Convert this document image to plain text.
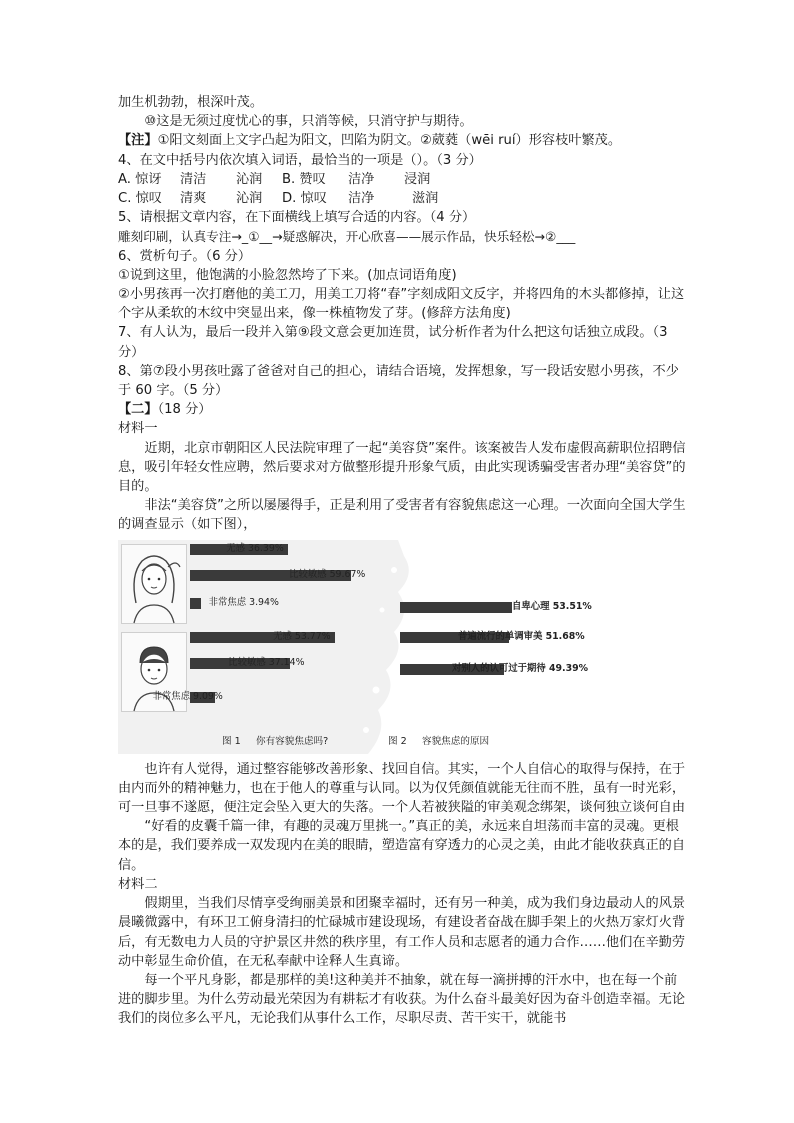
加生机勃勃，根深叶茂。

⑩这是无须过度忧心的事，只消等候，只消守护与期待。

【注】①阳文刻面上文字凸起为阳文，凹陷为阴文。②葳蕤（wēi ruí）形容枝叶繁茂。

4、在文中括号内依次填入词语，最恰当的一项是（）。（3 分）

A. 惊讶	清洁	沁润	B. 赞叹	洁净	浸润
C. 惊叹	清爽	沁润	D. 惊叹	洁净	滋润

5、请根据文章内容，在下面横线上填写合适的内容。（4 分）

雕刻印刷，认真专注→_①__→疑惑解决，开心欣喜——展示作品，快乐轻松→②___

6、赏析句子。（6 分）

①说到这里，他饱满的小脸忽然垮了下来。(加点词语角度)

②小男孩再一次打磨他的美工刀，用美工刀将“春”字刻成阳文反字，并将四角的木头都修掉，让这个字从柔软的木纹中突显出来，像一株植物发了芽。(修辞方法角度)

7、有人认为，最后一段并入第⑨段文意会更加连贯，试分析作者为什么把这句话独立成段。（3 分）

8、第⑦段小男孩吐露了爸爸对自己的担心，请结合语境，发挥想象，写一段话安慰小男孩，不少于 60 字。（5 分）

【二】（18 分）

材料一

近期，北京市朝阳区人民法院审理了一起“美容贷”案件。该案被告人发布虚假高薪职位招聘信息，吸引年轻女性应聘，然后要求对方做整形提升形象气质，由此实现诱骗受害者办理“美容贷”的目的。

非法“美容贷”之所以屡屡得手，正是利用了受害者有容貌焦虑这一心理。一次面向全国大学生的调查显示（如下图），

无感 36.39%
比较敏感 59.67%
非常焦虑 3.94%
无感 53.77%
比较敏感 37.14%
非常焦虑 9.09%
自卑心理 53.51%
普遍流行的单调审美 51.68%
对别人的认可过于期待 49.39%
图 1 你有容貌焦虑吗?	图 2 容貌焦虑的原因

也许有人觉得，通过整容能够改善形象、找回自信。其实，一个人自信心的取得与保持，在于由内而外的精神魅力，也在于他人的尊重与认同。以为仅凭颜值就能无往而不胜，虽有一时光彩，可一旦事不遂愿，便注定会坠入更大的失落。一个人若被狭隘的审美观念绑架，谈何独立谈何自由

“好看的皮囊千篇一律，有趣的灵魂万里挑一。”真正的美，永远来自坦荡而丰富的灵魂。更根本的是，我们要养成一双发现内在美的眼睛，塑造富有穿透力的心灵之美，由此才能收获真正的自信。

材料二

假期里，当我们尽情享受绚丽美景和团聚幸福时，还有另一种美，成为我们身边最动人的风景晨曦微露中，有环卫工俯身清扫的忙碌城市建设现场，有建设者奋战在脚手架上的火热万家灯火背后，有无数电力人员的守护景区井然的秩序里，有工作人员和志愿者的通力合作……他们在辛勤劳动中彰显生命价值，在无私奉献中诠释人生真谛。

每一个平凡身影，都是那样的美!这种美并不抽象，就在每一滴拼搏的汗水中，也在每一个前进的脚步里。为什么劳动最光荣因为有耕耘才有收获。为什么奋斗最美好因为奋斗创造幸福。无论我们的岗位多么平凡，无论我们从事什么工作，尽职尽责、苦干实干，就能书
